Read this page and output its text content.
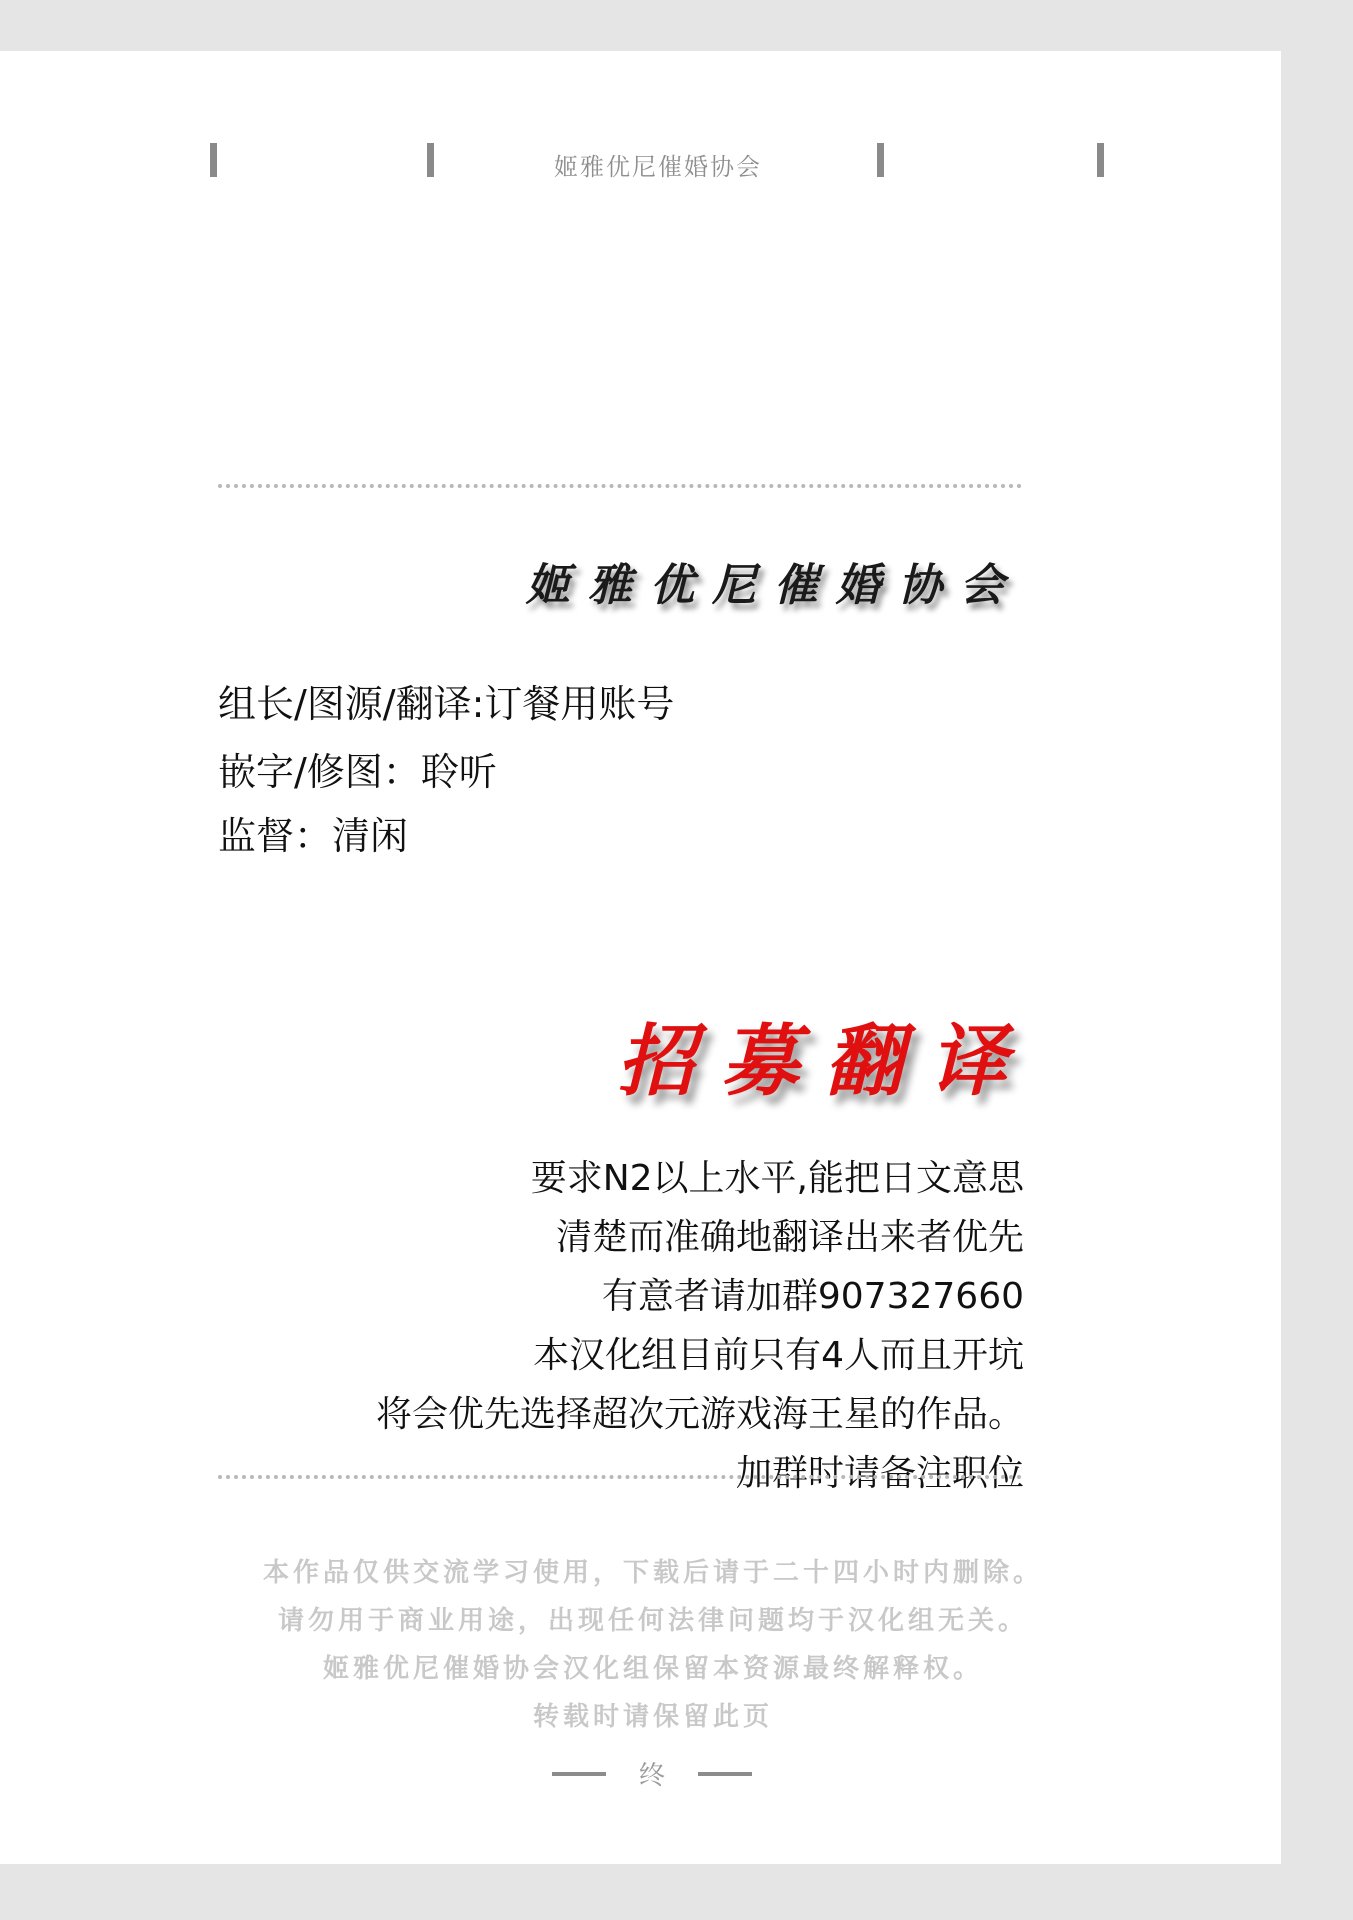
姬雅优尼催婚协会
姬雅优尼催婚协会
组长/图源/翻译:订餐用账号
嵌字/修图：聆听
监督：清闲
招募翻译
要求N2以上水平,能把日文意思
清楚而准确地翻译出来者优先
有意者请加群907327660
本汉化组目前只有4人而且开坑
将会优先选择超次元游戏海王星的作品。
加群时请备注职位
本作品仅供交流学习使用，下载后请于二十四小时内删除。
请勿用于商业用途，出现任何法律问题均于汉化组无关。
姬雅优尼催婚协会汉化组保留本资源最终解释权。
转载时请保留此页
终
